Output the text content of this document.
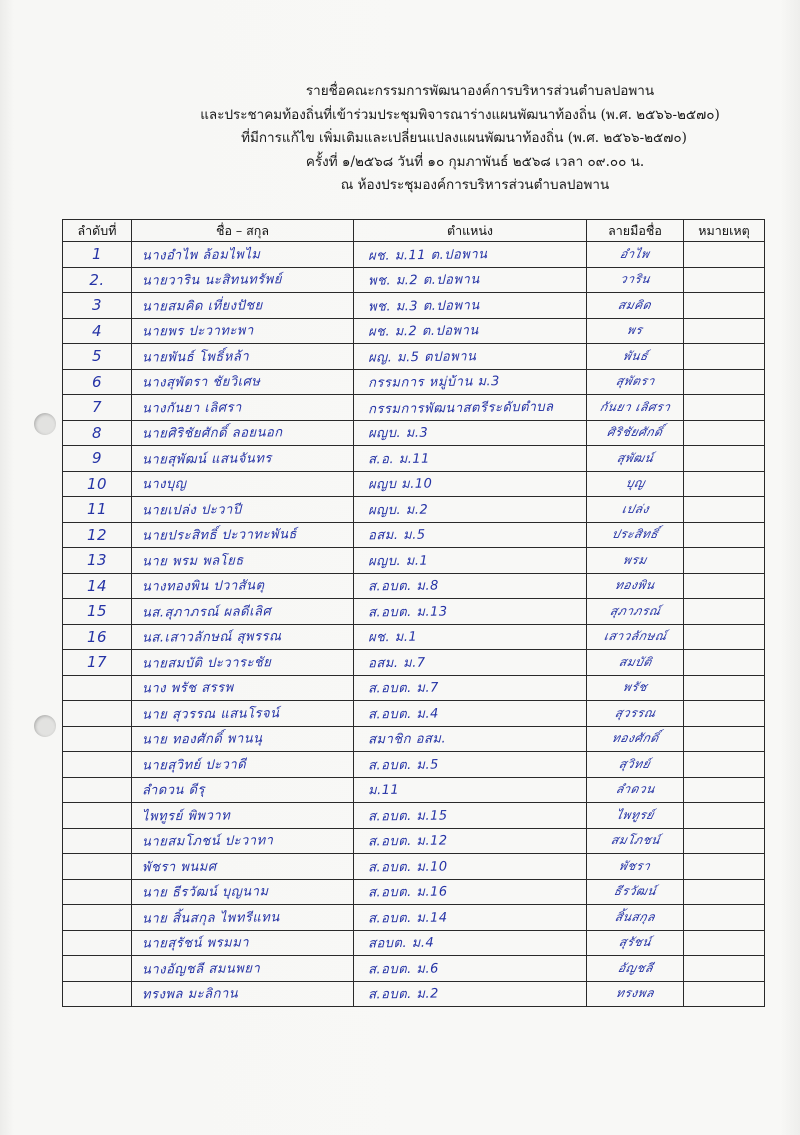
รายชื่อคณะกรรมการพัฒนาองค์การบริหารส่วนตำบลปอพาน
และประชาคมท้องถิ่นที่เข้าร่วมประชุมพิจารณาร่างแผนพัฒนาท้องถิ่น (พ.ศ. ๒๕๖๖-๒๕๗๐)
ที่มีการแก้ไข เพิ่มเติมและเปลี่ยนแปลงแผนพัฒนาท้องถิ่น (พ.ศ. ๒๕๖๖-๒๕๗๐)
ครั้งที่ ๑/๒๕๖๘ วันที่ ๑๐ กุมภาพันธ์ ๒๕๖๘ เวลา ๐๙.๐๐ น.
ณ ห้องประชุมองค์การบริหารส่วนตำบลปอพาน
ลำดับที่	ชื่อ – สกุล	ตำแหน่ง	ลายมือชื่อ	หมายเหตุ
1	นางอำไพ ล้อมไพไม	ผช. ม.11 ต.ปอพาน	อำไพ	
2.	นายวาริน นะสิทนทรัพย์	พช. ม.2 ต.ปอพาน	วาริน	
3	นายสมคิด เที่ยงปัชย	พช. ม.3 ต.ปอพาน	สมคิด	
4	นายพร ปะวาทะพา	ผช. ม.2 ต.ปอพาน	พร	
5	นายพันธ์ โพธิ์หล้า	ผญ. ม.5 ตปอพาน	พันธ์	
6	นางสุพัตรา ชัยวิเศษ	กรรมการ หมู่บ้าน ม.3	สุพัตรา	
7	นางกันยา เลิศรา	กรรมการพัฒนาสตรีระดับตำบล	กันยา เลิศรา	
8	นายศิริชัยศักดิ์ ลอยนอก	ผญบ. ม.3	ศิริชัยศักดิ์	
9	นายสุพัฒน์ แสนจันทร	ส.อ. ม.11	สุพัฒน์	
10	นางบุญ	ผญบ ม.10	บุญ	
11	นายเปล่ง ปะวาปี	ผญบ. ม.2	เปล่ง	
12	นายประสิทธิ์ ปะวาทะพันธ์	อสม. ม.5	ประสิทธิ์	
13	นาย พรม พลโยธ	ผญบ. ม.1	พรม	
14	นางทองพิน ปวาสันตุ	ส.อบต. ม.8	ทองพิน	
15	นส.สุภาภรณ์ ผลดีเลิศ	ส.อบต. ม.13	สุภาภรณ์	
16	นส.เสาวลักษณ์ สุพรรณ	ผช. ม.1	เสาวลักษณ์	
17	นายสมบัติ ปะวาระชัย	อสม. ม.7	สมบัติ	
	นาง พรัช สรรพ	ส.อบต. ม.7	พรัช	
	นาย สุวรรณ แสนโรจน์	ส.อบต. ม.4	สุวรรณ	
	นาย ทองศักดิ์ พานนุ	สมาชิก อสม.	ทองศักดิ์	
	นายสุวิทย์ ปะวาดี	ส.อบต. ม.5	สุวิทย์	
	ลำดวน ดีรุ	ม.11	ลำดวน	
	ไพทูรย์ พิพวาท	ส.อบต. ม.15	ไพทูรย์	
	นายสมโภชน์ ปะวาทา	ส.อบต. ม.12	สมโภชน์	
	พัชรา พนมศ	ส.อบต. ม.10	พัชรา	
	นาย ธีรวัฒน์ บุญนาม	ส.อบต. ม.16	ธีรวัฒน์	
	นาย สิ้นสกุล ไพทรีแทน	ส.อบต. ม.14	สิ้นสกุล	
	นายสุรัชน์ พรมมา	สอบต. ม.4	สุรัชน์	
	นางอัญชลี สมนพยา	ส.อบต. ม.6	อัญชลี	
	ทรงพล มะลิกาน	ส.อบต. ม.2	ทรงพล	
